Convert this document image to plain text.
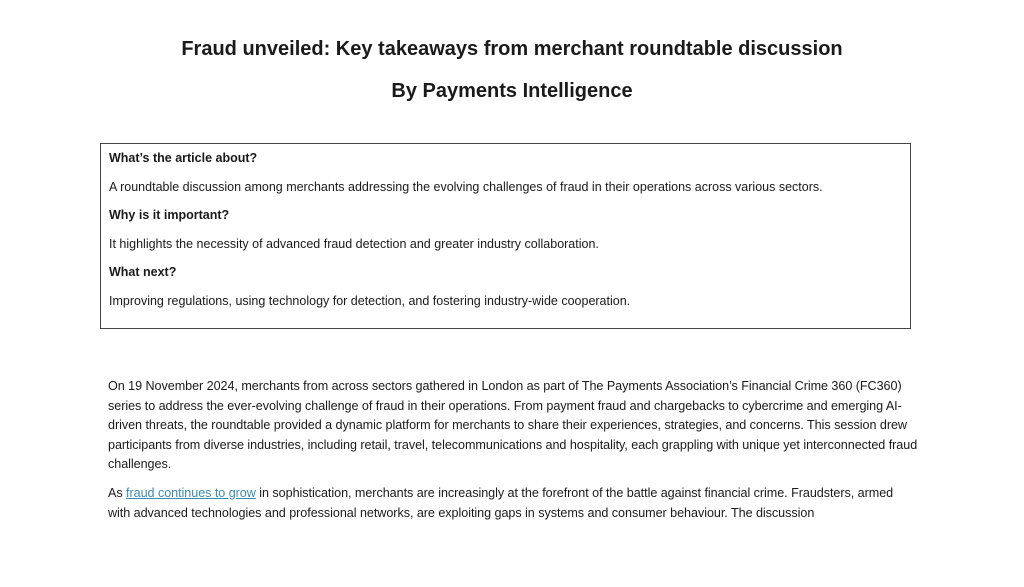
Fraud unveiled: Key takeaways from merchant roundtable discussion
By Payments Intelligence
What’s the article about?
A roundtable discussion among merchants addressing the evolving challenges of fraud in their operations across various sectors.
Why is it important?
It highlights the necessity of advanced fraud detection and greater industry collaboration.
What next?
Improving regulations, using technology for detection, and fostering industry-wide cooperation.

On 19 November 2024, merchants from across sectors gathered in London as part of The Payments Association’s Financial Crime 360 (FC360) series to address the ever-evolving challenge of fraud in their operations. From payment fraud and chargebacks to cybercrime and emerging AI-driven threats, the roundtable provided a dynamic platform for merchants to share their experiences, strategies, and concerns. This session drew participants from diverse industries, including retail, travel, telecommunications and hospitality, each grappling with unique yet interconnected fraud challenges.

As fraud continues to grow in sophistication, merchants are increasingly at the forefront of the battle against financial crime. Fraudsters, armed with advanced technologies and professional networks, are exploiting gaps in systems and consumer behaviour. The discussion
